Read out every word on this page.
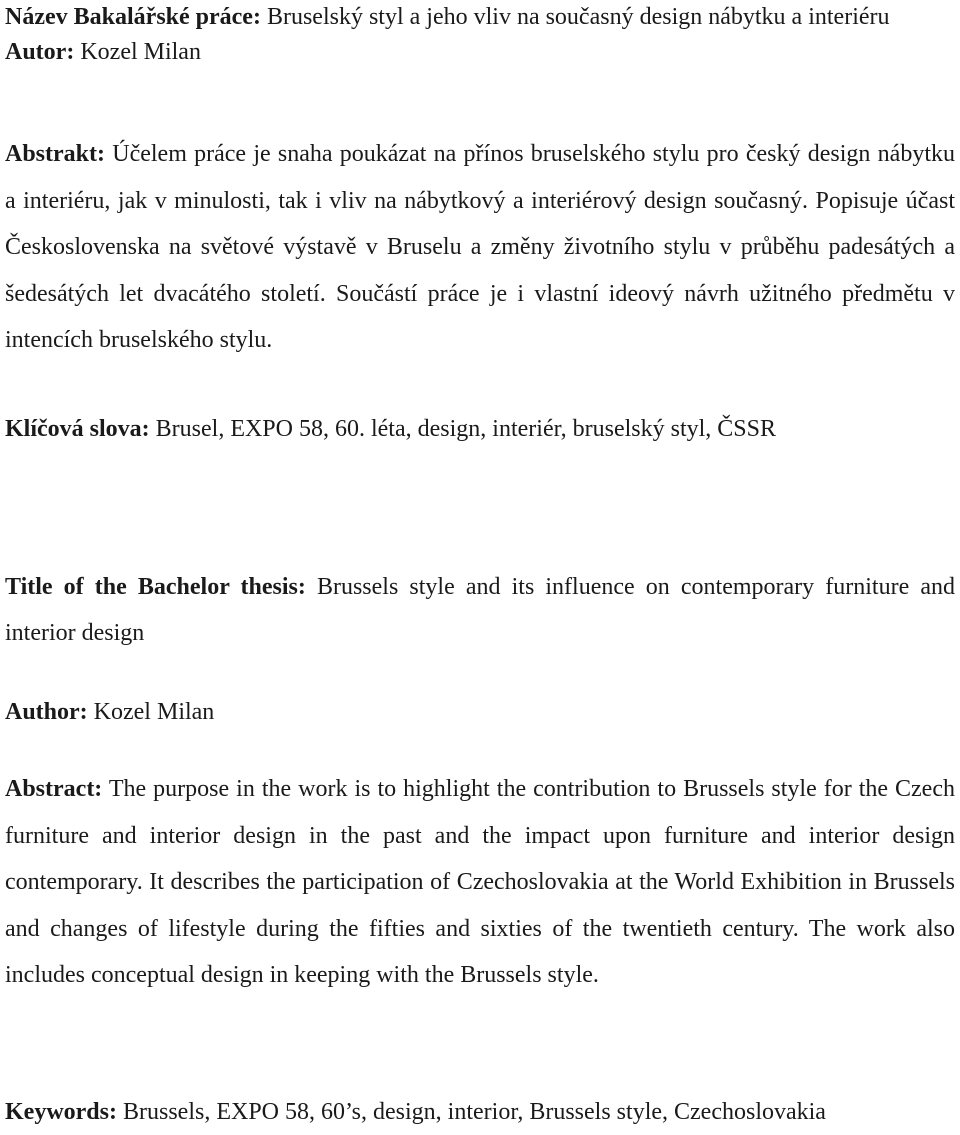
Název Bakalářské práce: Bruselský styl a jeho vliv na současný design nábytku a interiéru

Autor: Kozel Milan

Abstrakt: Účelem práce je snaha poukázat na přínos bruselského stylu pro český design nábytku a interiéru, jak v minulosti, tak i vliv na nábytkový a interiérový design současný. Popisuje účast Československa na světové výstavě v Bruselu a změny životního stylu v průběhu padesátých a šedesátých let dvacátého století. Součástí práce je i vlastní ideový návrh užitného předmětu v intencích bruselského stylu.

Klíčová slova: Brusel, EXPO 58, 60. léta, design, interiér, bruselský styl, ČSSR

Title of the Bachelor thesis: Brussels style and its influence on contemporary furniture and interior design

Author: Kozel Milan

Abstract: The purpose in the work is to highlight the contribution to Brussels style for the Czech furniture and interior design in the past and the impact upon furniture and interior design contemporary. It describes the participation of Czechoslovakia at the World Exhibition in Brussels and changes of lifestyle during the fifties and sixties of the twentieth century. The work also includes conceptual design in keeping with the Brussels style.

Keywords: Brussels, EXPO 58, 60’s, design, interior, Brussels style, Czechoslovakia
